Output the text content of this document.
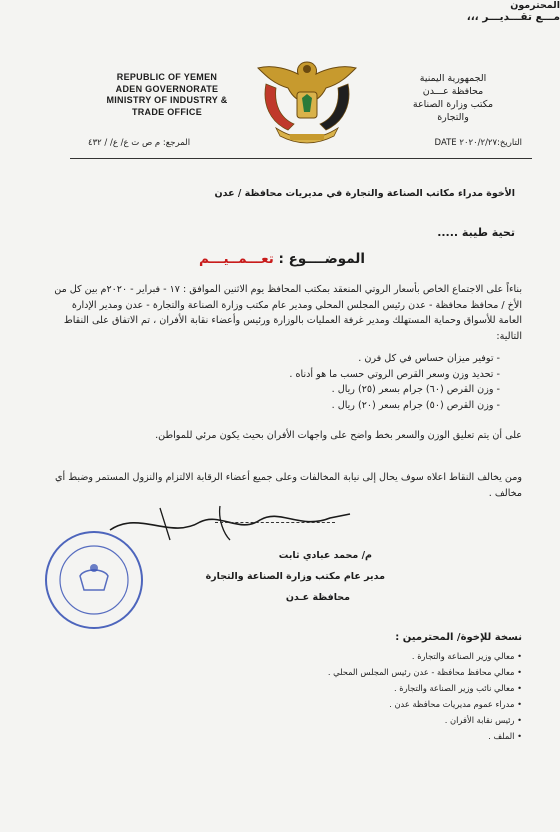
REPUBLIC OF YEMEN
ADEN GOVERNORATE
MINISTRY OF INDUSTRY &
TRADE OFFICE
الجمهورية اليمنية
محافظة عـــدن
مكتب وزارة الصناعة
والتجارة
المرجع: م ص ت ع/ ع/ / ٤٣٢	التاريخ:٢٠٢٠/٢/٢٧ DATE
الأخوة مدراء مكاتب الصناعة والتجارة في مديريات محافظة / عدن
المحترمون
تحية طيبة .....
الموضــــوع : تعـــمــيـــم
بناءاً على الاجتماع الخاص بأسعار الروتي المنعقد بمكتب المحافظ يوم الاثنين الموافق : ١٧ - فبراير - ٢٠٢٠م بين كل من الأخ / محافظ محافظة - عدن رئيس المجلس المحلي ومدير عام مكتب وزارة الصناعة والتجارة - عدن ومدير الإدارة العامة للأسواق وحماية المستهلك ومدير غرفة العمليات بالوزارة ورئيس وأعضاء نقابة الأفران ، تم الاتفاق على النقاط التالية:
- توفير ميزان حساس في كل فرن .
- تحديد وزن وسعر القرص الروتي حسب ما هو أدناه .
- وزن القرص (٦٠) جرام بسعر (٢٥) ريال .
- وزن القرص (٥٠) جرام بسعر (٢٠) ريال .
على أن يتم تعليق الوزن والسعر بخط واضح على واجهات الأفران بحيث يكون مرئي للمواطن.
ومن يخالف النقاط اعلاه سوف يحال إلى نيابة المخالفات وعلى جميع أعضاء الرقابة الالتزام والنزول المستمر وضبط أي مخالف .
مـــع تقـــديـــر ،،،
م/ محمد عبادي ثابت
مدير عام مكتب وزارة الصناعة والتجارة
محافظة عـدن
نسخة للإخوة/ المحترمين :
• معالي وزير الصناعة والتجارة .
• معالي محافظ محافظة - عدن رئيس المجلس المحلي .
• معالي نائب وزير الصناعة والتجارة .
• مدراء عموم مديريات محافظة عدن .
• رئيس نقابة الأفران .
• الملف .
